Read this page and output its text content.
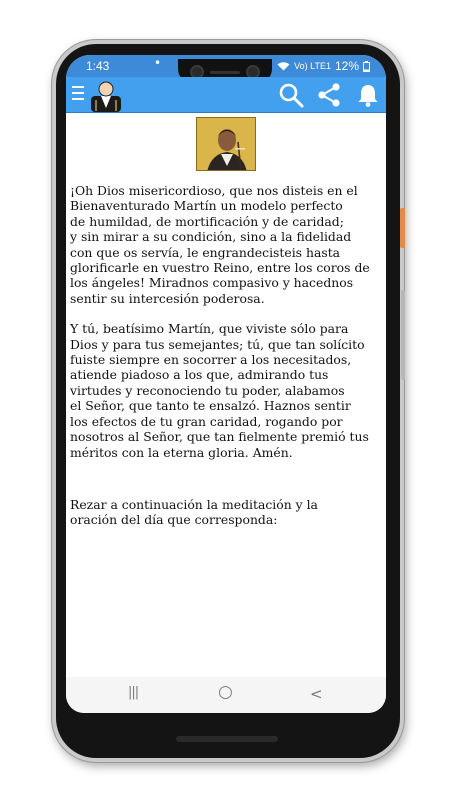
1:43	•	Vo) LTE1 12%

¡Oh Dios misericordioso, que nos disteis en el
Bienaventurado Martín un modelo perfecto
de humildad, de mortificación y de caridad;
y sin mirar a su condición, sino a la fidelidad
con que os servía, le engrandecisteis hasta
glorificarle en vuestro Reino, entre los coros de
los ángeles! Miradnos compasivo y hacednos
sentir su intercesión poderosa.

Y tú, beatísimo Martín, que viviste sólo para
Dios y para tus semejantes; tú, que tan solícito
fuiste siempre en socorrer a los necesitados,
atiende piadoso a los que, admirando tus
virtudes y reconociendo tu poder, alabamos
el Señor, que tanto te ensalzó. Haznos sentir
los efectos de tu gran caridad, rogando por
nosotros al Señor, que tan fielmente premió tus
méritos con la eterna gloria. Amén.

Rezar a continuación la meditación y la
oración del día que corresponda:

|||	○	<
